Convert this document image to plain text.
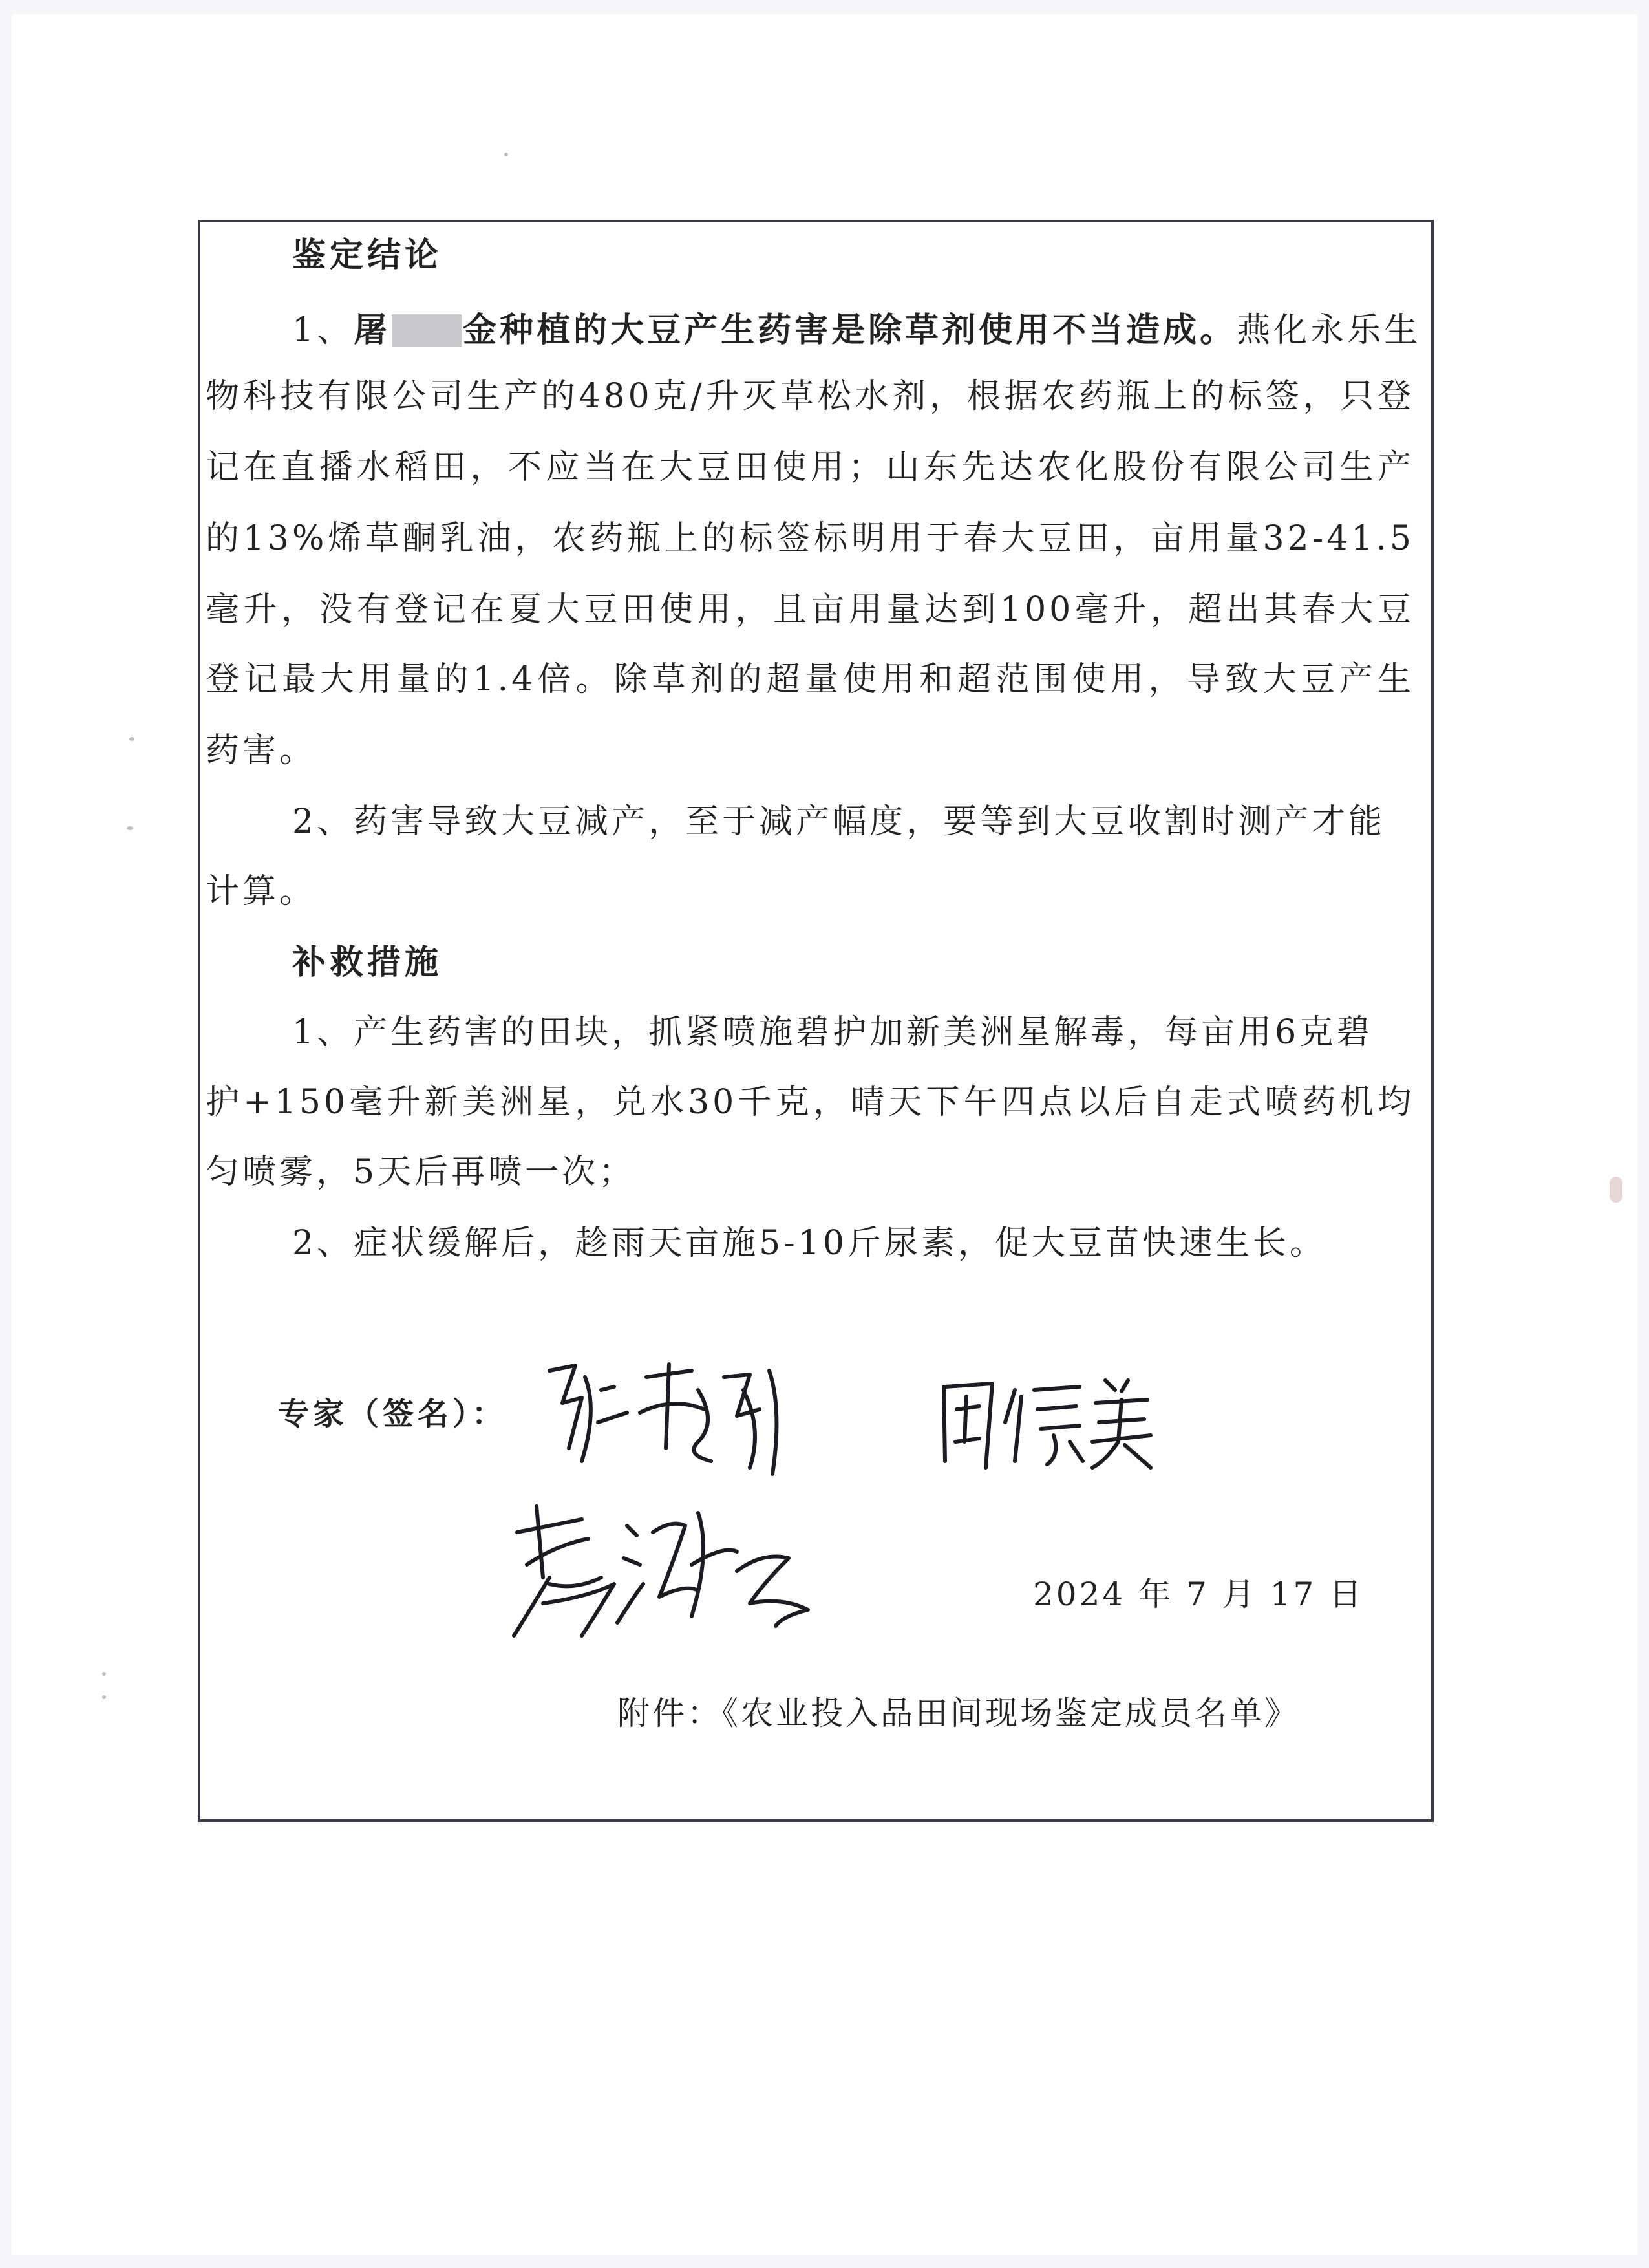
鉴定结论
1、屠 金种植的大豆产生药害是除草剂使用不当造成。燕化永乐生
物科技有限公司生产的480克/升灭草松水剂，根据农药瓶上的标签，只登
记在直播水稻田，不应当在大豆田使用；山东先达农化股份有限公司生产
的13%烯草酮乳油，农药瓶上的标签标明用于春大豆田，亩用量32-41.5
毫升，没有登记在夏大豆田使用，且亩用量达到100毫升，超出其春大豆
登记最大用量的1.4倍。除草剂的超量使用和超范围使用，导致大豆产生
药害。
2、药害导致大豆减产，至于减产幅度，要等到大豆收割时测产才能
计算。
补救措施
1、产生药害的田块，抓紧喷施碧护加新美洲星解毒，每亩用6克碧
护+150毫升新美洲星，兑水30千克，晴天下午四点以后自走式喷药机均
匀喷雾，5天后再喷一次；
2、症状缓解后，趁雨天亩施5-10斤尿素，促大豆苗快速生长。
专家（签名）：
2024 年 7 月 17 日
附件：《农业投入品田间现场鉴定成员名单》
